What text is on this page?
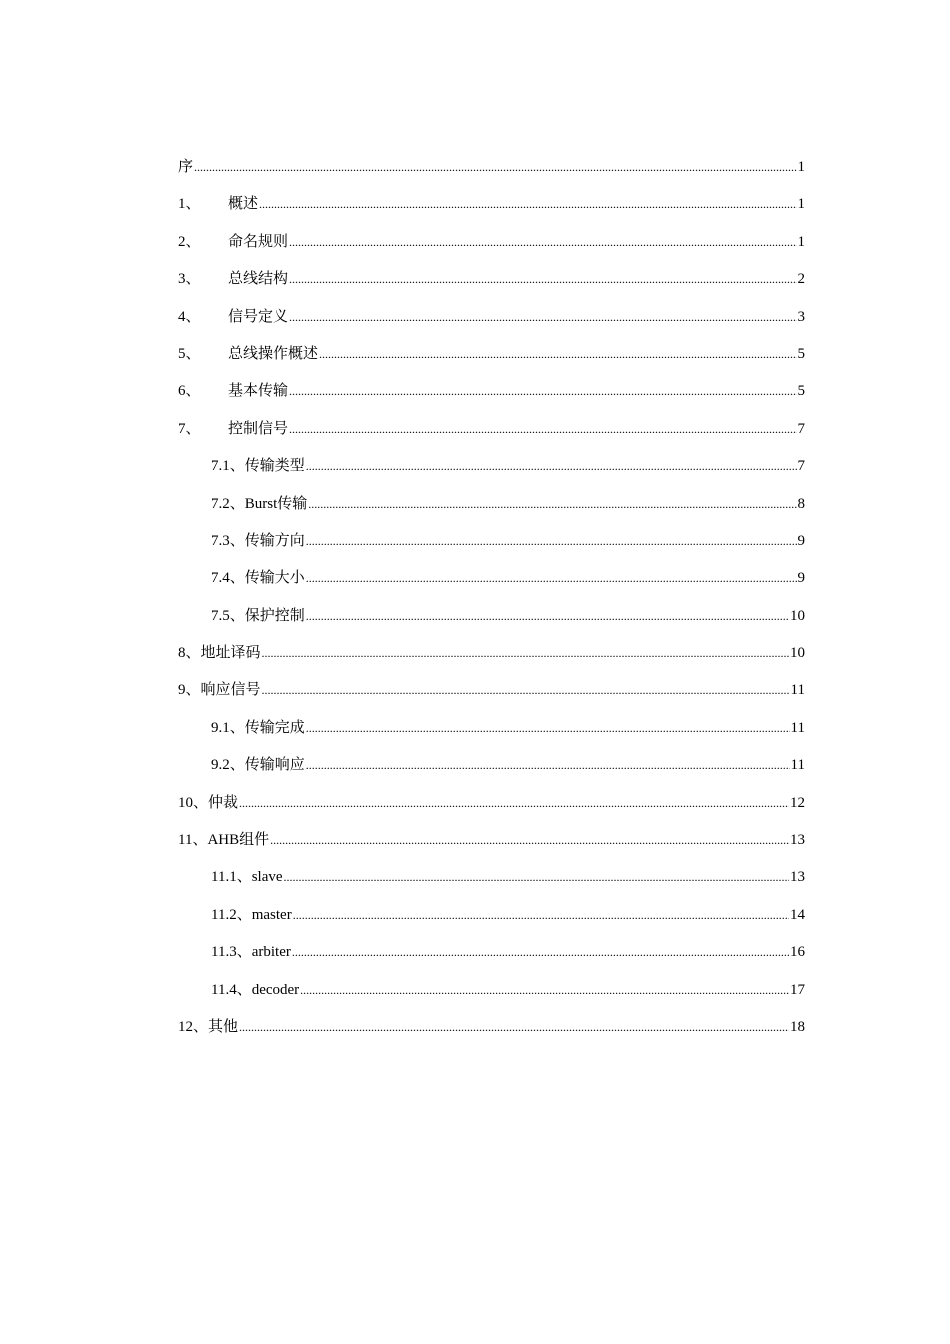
序 .....	1
1、	概述 .....	1
2、	命名规则 .....	1
3、	总线结构 .....	2
4、	信号定义 .....	3
5、	总线操作概述 .....	5
6、	基本传输 .....	5
7、	控制信号 .....	7
7.1、 传输类型 .....	7
7.2、 Burst传输 .....	8
7.3、 传输方向 .....	9
7.4、 传输大小 .....	9
7.5、 保护控制 .....	10
8、 地址译码 .....	10
9、 响应信号 .....	11
9.1、 传输完成 .....	11
9.2、 传输响应 .....	11
10、 仲裁 .....	12
11、 AHB组件 .....	13
11.1、 slave .....	13
11.2、 master .....	14
11.3、 arbiter .....	16
11.4、 decoder .....	17
12、 其他 .....	18
